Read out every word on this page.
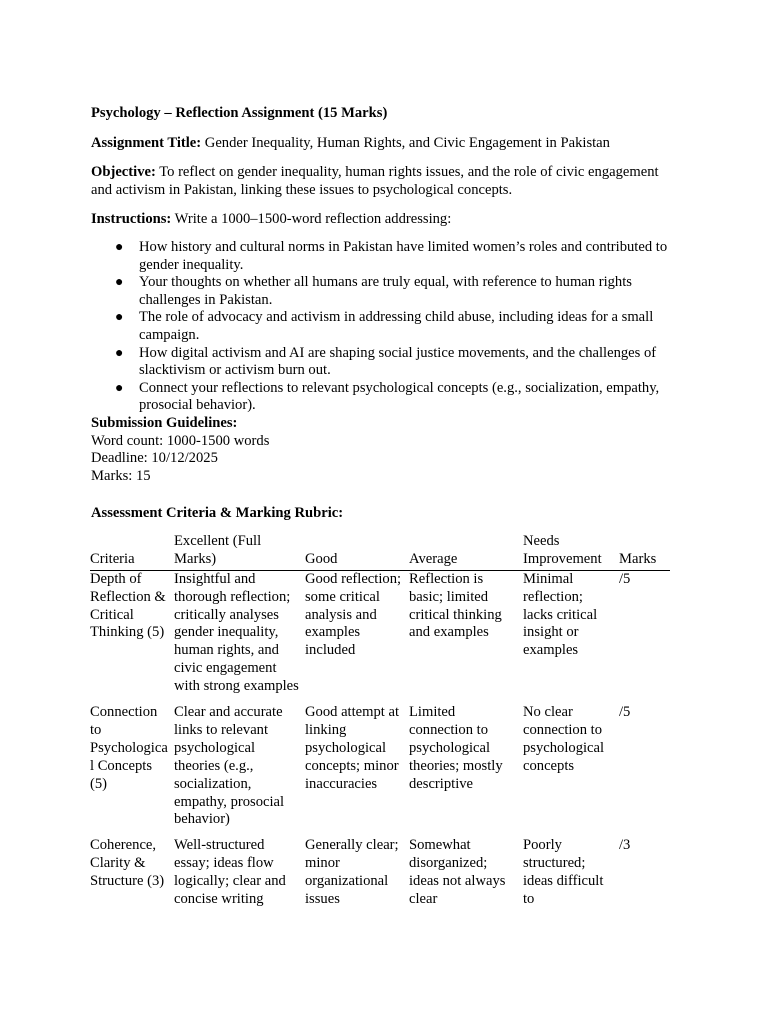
Psychology – Reflection Assignment (15 Marks)

Assignment Title: Gender Inequality, Human Rights, and Civic Engagement in Pakistan

Objective: To reflect on gender inequality, human rights issues, and the role of civic engagement and activism in Pakistan, linking these issues to psychological concepts.

Instructions: Write a 1000–1500-word reflection addressing:

● How history and cultural norms in Pakistan have limited women’s roles and contributed to gender inequality.
● Your thoughts on whether all humans are truly equal, with reference to human rights challenges in Pakistan.
● The role of advocacy and activism in addressing child abuse, including ideas for a small campaign.
● How digital activism and AI are shaping social justice movements, and the challenges of slacktivism or activism burn out.
● Connect your reflections to relevant psychological concepts (e.g., socialization, empathy, prosocial behavior).

Submission Guidelines:

Word count: 1000-1500 words

Deadline: 10/12/2025

Marks: 15

Assessment Criteria & Marking Rubric:

Criteria	Excellent (Full Marks)	Good	Average	Needs Improvement	Marks

Depth of Reflection & Critical Thinking (5)	Insightful and thorough reflection; critically analyses gender inequality, human rights, and civic engagement with strong examples	Good reflection; some critical analysis and examples included	Reflection is basic; limited critical thinking and examples	Minimal reflection; lacks critical insight or examples	/5

Connection to Psychological Concepts (5)	Clear and accurate links to relevant psychological theories (e.g., socialization, empathy, prosocial behavior)	Good attempt at linking psychological concepts; minor inaccuracies	Limited connection to psychological theories; mostly descriptive	No clear connection to psychological concepts	/5

Coherence, Clarity & Structure (3)	Well-structured essay; ideas flow logically; clear and concise writing	Generally clear; minor organizational issues	Somewhat disorganized; ideas not always clear	Poorly structured; ideas difficult to	/3
